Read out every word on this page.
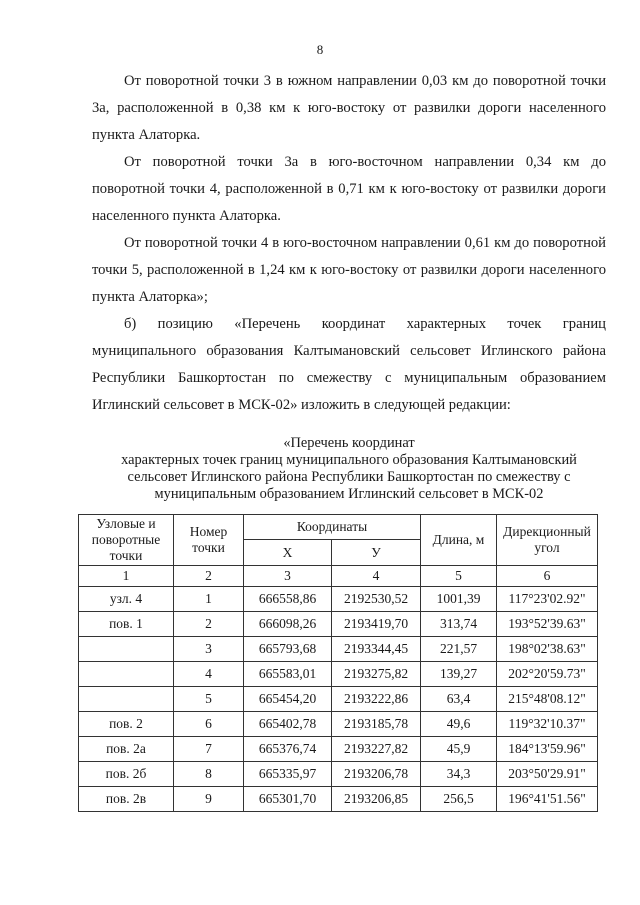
8

От поворотной точки 3 в южном направлении 0,03 км до поворотной точки 3а, расположенной в 0,38 км к юго-востоку от развилки дороги населенного пункта Алаторка.

От поворотной точки 3а в юго-восточном направлении 0,34 км до поворотной точки 4, расположенной в 0,71 км к юго-востоку от развилки дороги населенного пункта Алаторка.

От поворотной точки 4 в юго-восточном направлении 0,61 км до поворотной точки 5, расположенной в 1,24 км к юго-востоку от развилки дороги населенного пункта Алаторка»;

б) позицию «Перечень координат характерных точек границ муниципального образования Калтымановский сельсовет Иглинского района Республики Башкортостан по смежеству с муниципальным образованием Иглинский сельсовет в МСК-02» изложить в следующей редакции:

«Перечень координат
характерных точек границ муниципального образования Калтымановский
сельсовет Иглинского района Республики Башкортостан по смежеству с
муниципальным образованием Иглинский сельсовет в МСК-02
Узловые и поворотные точки	Номер точки	Координаты		Длина, м	Дирекционный угол
		Х	У		
1	2	3	4	5	6
узл. 4	1	666558,86	2192530,52	1001,39	117°23'02.92"
пов. 1	2	666098,26	2193419,70	313,74	193°52'39.63"
	3	665793,68	2193344,45	221,57	198°02'38.63"
	4	665583,01	2193275,82	139,27	202°20'59.73"
	5	665454,20	2193222,86	63,4	215°48'08.12"
пов. 2	6	665402,78	2193185,78	49,6	119°32'10.37"
пов. 2а	7	665376,74	2193227,82	45,9	184°13'59.96"
пов. 2б	8	665335,97	2193206,78	34,3	203°50'29.91"
пов. 2в	9	665301,70	2193206,85	256,5	196°41'51.56"
